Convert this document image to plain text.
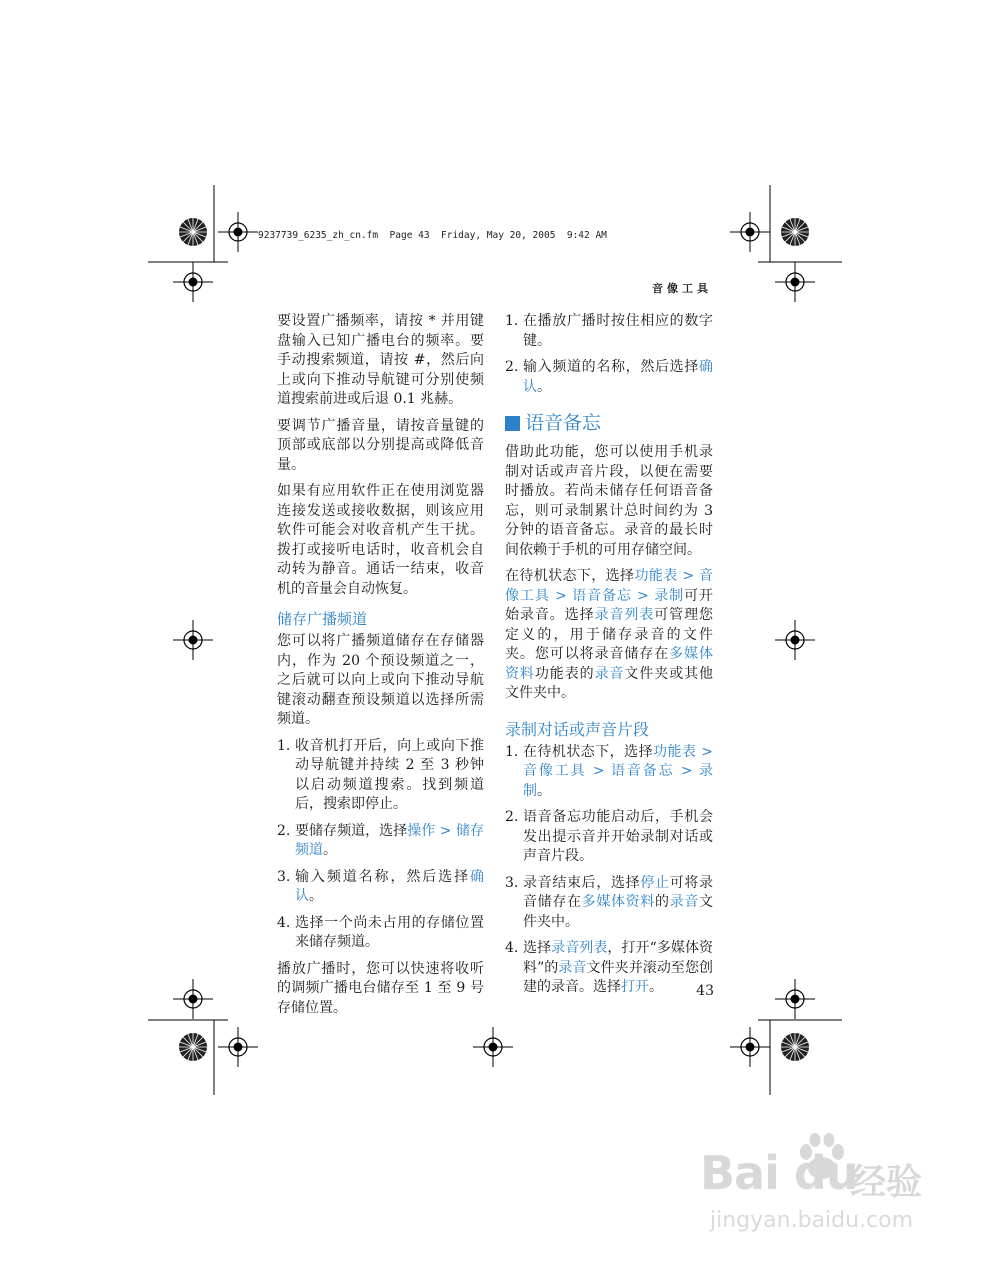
9237739_6235_zh_cn.fm  Page 43  Friday, May 20, 2005  9:42 AM
音像工具

要设置广播频率，请按 * 并用键盘输入已知广播电台的频率。要手动搜索频道，请按 #，然后向上或向下推动导航键可分别使频道搜索前进或后退 0.1 兆赫。

要调节广播音量，请按音量键的顶部或底部以分别提高或降低音量。

如果有应用软件正在使用浏览器连接发送或接收数据，则该应用软件可能会对收音机产生干扰。拨打或接听电话时，收音机会自动转为静音。通话一结束，收音机的音量会自动恢复。

储存广播频道

您可以将广播频道储存在存储器内，作为 20 个预设频道之一，之后就可以向上或向下推动导航键滚动翻查预设频道以选择所需频道。

1. 收音机打开后，向上或向下推动导航键并持续 2 至 3 秒钟以启动频道搜索。找到频道后，搜索即停止。
2. 要储存频道，选择操作 > 储存频道。
3. 输入频道名称，然后选择确认。
4. 选择一个尚未占用的存储位置来储存频道。

播放广播时，您可以快速将收听的调频广播电台储存至 1 至 9 号存储位置。

1. 在播放广播时按住相应的数字键。
2. 输入频道的名称，然后选择确认。
语音备忘

借助此功能，您可以使用手机录制对话或声音片段，以便在需要时播放。若尚未储存任何语音备忘，则可录制累计总时间约为 3 分钟的语音备忘。录音的最长时间依赖于手机的可用存储空间。

在待机状态下，选择功能表 > 音像工具 > 语音备忘 > 录制可开始录音。选择录音列表可管理您定义的，用于储存录音的文件夹。您可以将录音储存在多媒体资料功能表的录音文件夹或其他文件夹中。

录制对话或声音片段
1. 在待机状态下，选择功能表 > 音像工具 > 语音备忘 > 录制。
2. 语音备忘功能启动后，手机会发出提示音并开始录制对话或声音片段。
3. 录音结束后，选择停止可将录音储存在多媒体资料的录音文件夹中。
4. 选择录音列表，打开“多媒体资料”的录音文件夹并滚动至您创建的录音。选择打开。	43
Bai du
经验
jingyan.baidu.com
